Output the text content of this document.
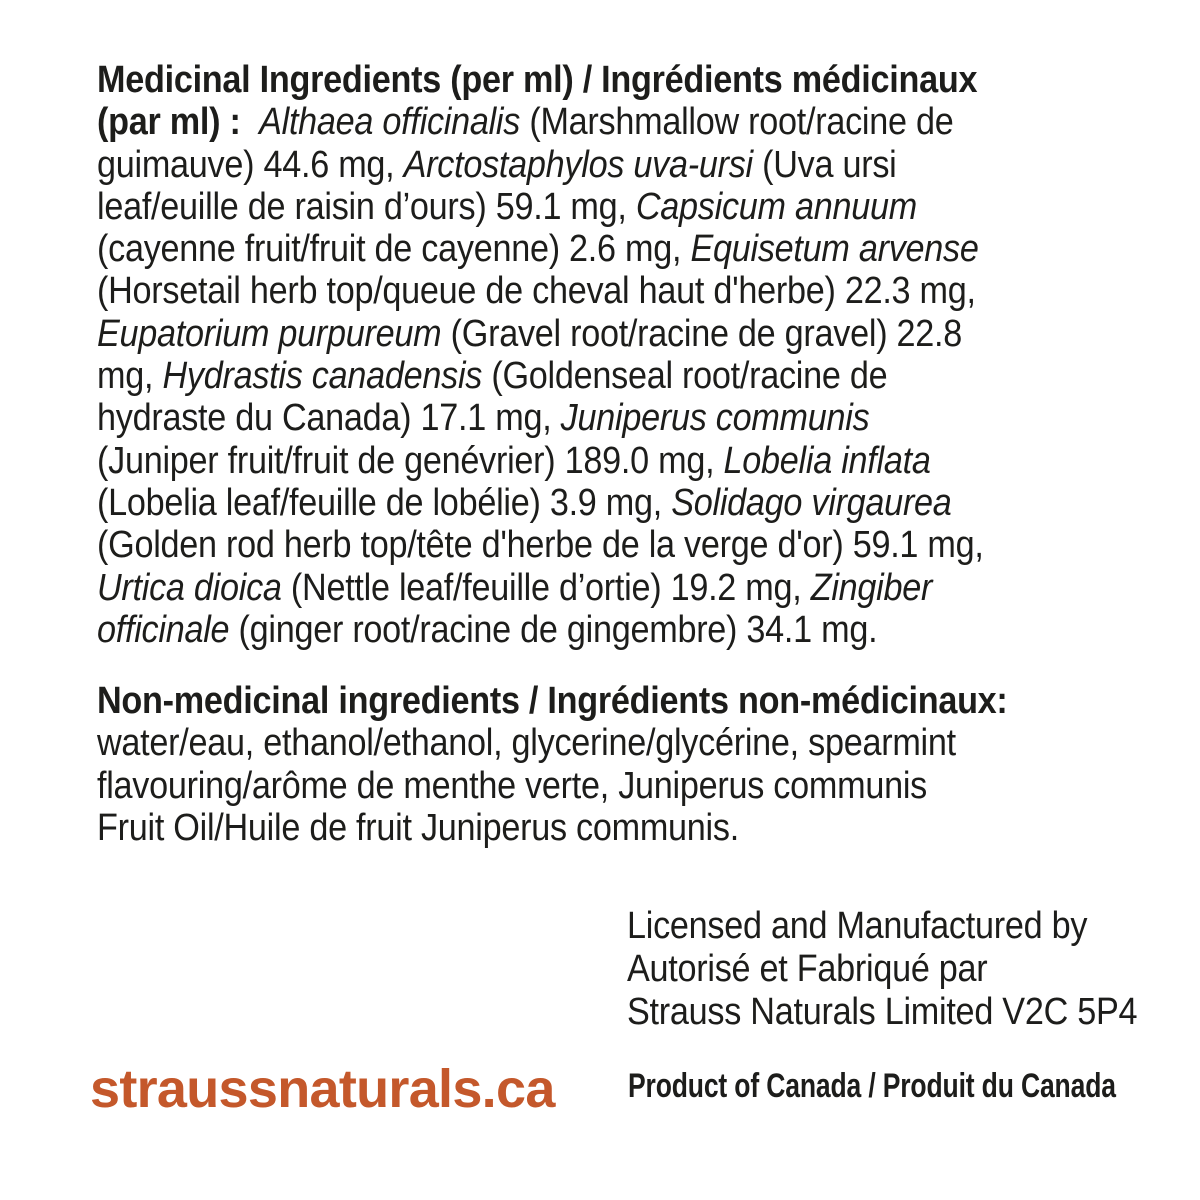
Medicinal Ingredients (per ml) / Ingrédients médicinaux
(par ml) :  Althaea officinalis (Marshmallow root/racine de
guimauve) 44.6 mg, Arctostaphylos uva-ursi (Uva ursi
leaf/euille de raisin d’ours) 59.1 mg, Capsicum annuum
(cayenne fruit/fruit de cayenne) 2.6 mg, Equisetum arvense
(Horsetail herb top/queue de cheval haut d'herbe) 22.3 mg,
Eupatorium purpureum (Gravel root/racine de gravel) 22.8
mg, Hydrastis canadensis (Goldenseal root/racine de
hydraste du Canada) 17.1 mg, Juniperus communis
(Juniper fruit/fruit de genévrier) 189.0 mg, Lobelia inflata
(Lobelia leaf/feuille de lobélie) 3.9 mg, Solidago virgaurea
(Golden rod herb top/tête d'herbe de la verge d'or) 59.1 mg,
Urtica dioica (Nettle leaf/feuille d’ortie) 19.2 mg, Zingiber
officinale (ginger root/racine de gingembre) 34.1 mg.
Non-medicinal ingredients / Ingrédients non-médicinaux:
water/eau, ethanol/ethanol, glycerine/glycérine, spearmint
flavouring/arôme de menthe verte, Juniperus communis
Fruit Oil/Huile de fruit Juniperus communis.
Licensed and Manufactured by
Autorisé et Fabriqué par
Strauss Naturals Limited V2C 5P4
straussnaturals.ca Product of Canada / Produit du Canada
